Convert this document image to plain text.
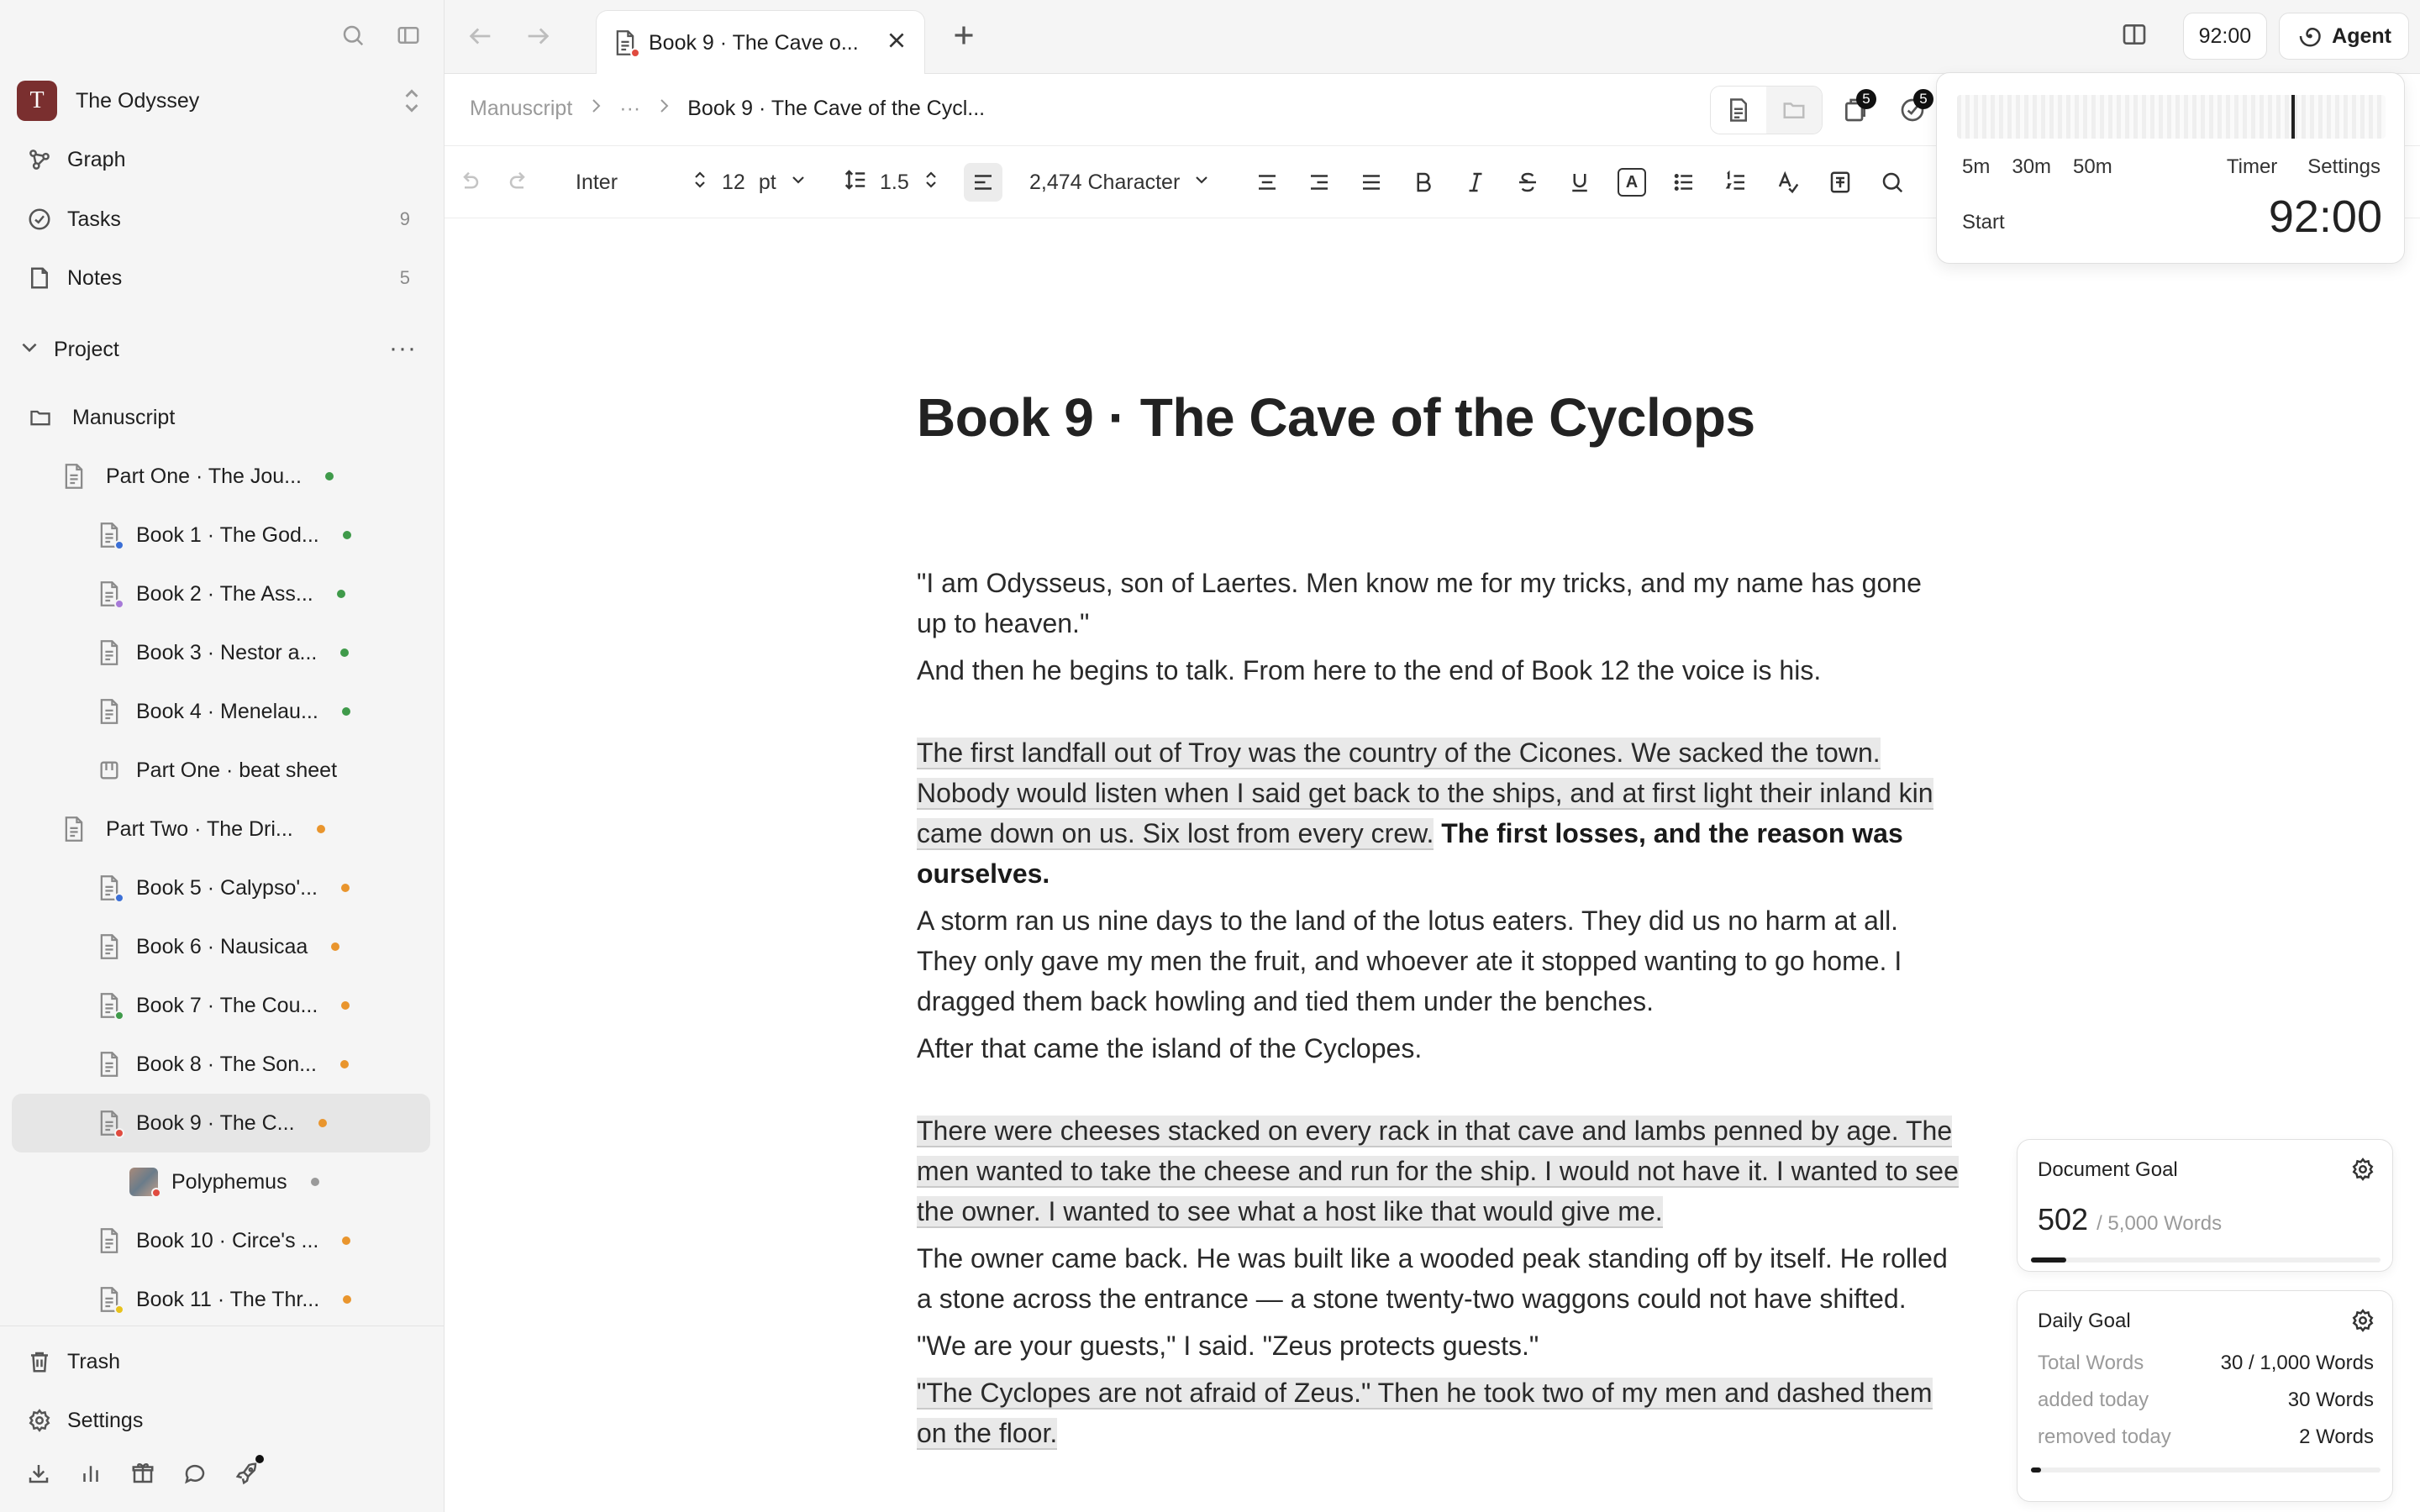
T	The Odyssey
Graph
Tasks	9
Notes	5
Project	···
Manuscript
Part One · The Jou...
Book 1 · The God...
Book 2 · The Ass...
Book 3 · Nestor a...
Book 4 · Menelau...
Part One · beat sheet
Part Two · The Dri...
Book 5 · Calypso'...
Book 6 · Nausicaa
Book 7 · The Cou...
Book 8 · The Son...
Book 9 · The C...
Polyphemus
Book 10 · Circe's ...
Book 11 · The Thr...
Trash
Settings
Book 9 · The Cave o...	92:00	Agent
Manuscript ··· Book 9 · The Cave of the Cycl...	5	5
Inter	12 pt	1.5	2,474 Character	A
Book 9 · The Cave of the Cyclops

"I am Odysseus, son of Laertes. Men know me for my tricks, and my name has gone up to heaven."

And then he begins to talk. From here to the end of Book 12 the voice is his.

The first landfall out of Troy was the country of the Cicones. We sacked the town. Nobody would listen when I said get back to the ships, and at first light their inland kin came down on us. Six lost from every crew. The first losses, and the reason was ourselves.

A storm ran us nine days to the land of the lotus eaters. They did us no harm at all. They only gave my men the fruit, and whoever ate it stopped wanting to go home. I dragged them back howling and tied them under the benches.

After that came the island of the Cyclopes.

There were cheeses stacked on every rack in that cave and lambs penned by age. The men wanted to take the cheese and run for the ship. I would not have it. I wanted to see the owner. I wanted to see what a host like that would give me.

The owner came back. He was built like a wooded peak standing off by itself. He rolled a stone across the entrance — a stone twenty-two waggons could not have shifted.

"We are your guests," I said. "Zeus protects guests."

"The Cyclopes are not afraid of Zeus." Then he took two of my men and dashed them on the floor.

5m 30m 50m	Timer Settings
Start	92:00
Document Goal
502 / 5,000 Words
Daily Goal
Total Words	30 / 1,000 Words
added today	30 Words
removed today	2 Words
